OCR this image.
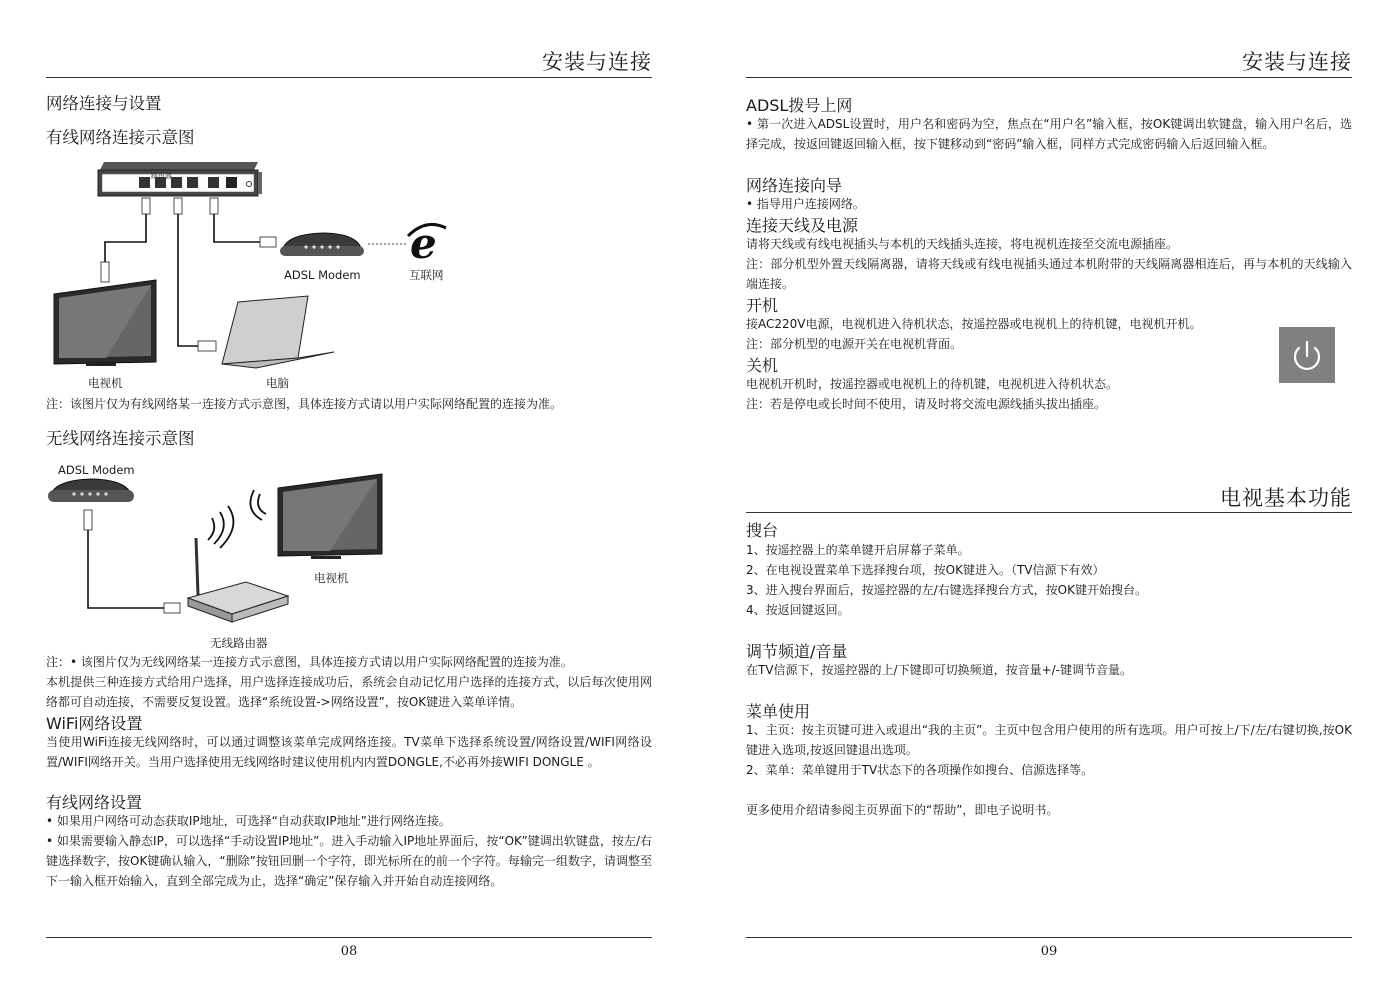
安装与连接
网络连接与设置
有线网络连接示意图
e
路由器
ADSL Modem	互联网
电视机	电脑
注：该图片仅为有线网络某一连接方式示意图，具体连接方式请以用户实际网络配置的连接为准。
无线网络连接示意图
ADSL Modem
电视机
无线路由器
注：• 该图片仅为无线网络某一连接方式示意图，具体连接方式请以用户实际网络配置的连接为准。
本机提供三种连接方式给用户选择，用户选择连接成功后，系统会自动记忆用户选择的连接方式，以后每次使用网络都可自动连接，不需要反复设置。选择“系统设置->网络设置”，按OK键进入菜单详情。
WiFi网络设置
当使用WiFi连接无线网络时，可以通过调整该菜单完成网络连接。TV菜单下选择系统设置/网络设置/WIFI网络设置/WIFI网络开关。当用户选择使用无线网络时建议使用机内内置DONGLE,不必再外接WIFI DONGLE 。
有线网络设置
• 如果用户网络可动态获取IP地址，可选择“自动获取IP地址”进行网络连接。
• 如果需要输入静态IP，可以选择“手动设置IP地址”。进入手动输入IP地址界面后，按“OK”键调出软键盘，按左/右键选择数字，按OK键确认输入，“删除”按钮回删一个字符，即光标所在的前一个字符。每输完一组数字，请调整至下一输入框开始输入，直到全部完成为止，选择“确定”保存输入并开始自动连接网络。
08
安装与连接
ADSL拨号上网
• 第一次进入ADSL设置时，用户名和密码为空，焦点在“用户名”输入框，按OK键调出软键盘，输入用户名后，选择完成，按返回键返回输入框，按下键移动到“密码”输入框，同样方式完成密码输入后返回输入框。
网络连接向导
• 指导用户连接网络。
连接天线及电源
请将天线或有线电视插头与本机的天线插头连接，将电视机连接至交流电源插座。
注：部分机型外置天线隔离器，请将天线或有线电视插头通过本机附带的天线隔离器相连后，再与本机的天线输入端连接。
开机
接AC220V电源，电视机进入待机状态，按遥控器或电视机上的待机键，电视机开机。
注：部分机型的电源开关在电视机背面。
关机
电视机开机时，按遥控器或电视机上的待机键，电视机进入待机状态。
注：若是停电或长时间不使用，请及时将交流电源线插头拔出插座。
电视基本功能
搜台
1、按遥控器上的菜单键开启屏幕子菜单。
2、在电视设置菜单下选择搜台项，按OK键进入。（TV信源下有效）
3、进入搜台界面后，按遥控器的左/右键选择搜台方式，按OK键开始搜台。
4、按返回键返回。
调节频道/音量
在TV信源下，按遥控器的上/下键即可切换频道，按音量+/-键调节音量。
菜单使用
1、主页：按主页键可进入或退出“我的主页”。主页中包含用户使用的所有选项。用户可按上/下/左/右键切换,按OK键进入选项,按返回键退出选项。
2、菜单：菜单键用于TV状态下的各项操作如搜台、信源选择等。
更多使用介绍请参阅主页界面下的“帮助”，即电子说明书。
09
